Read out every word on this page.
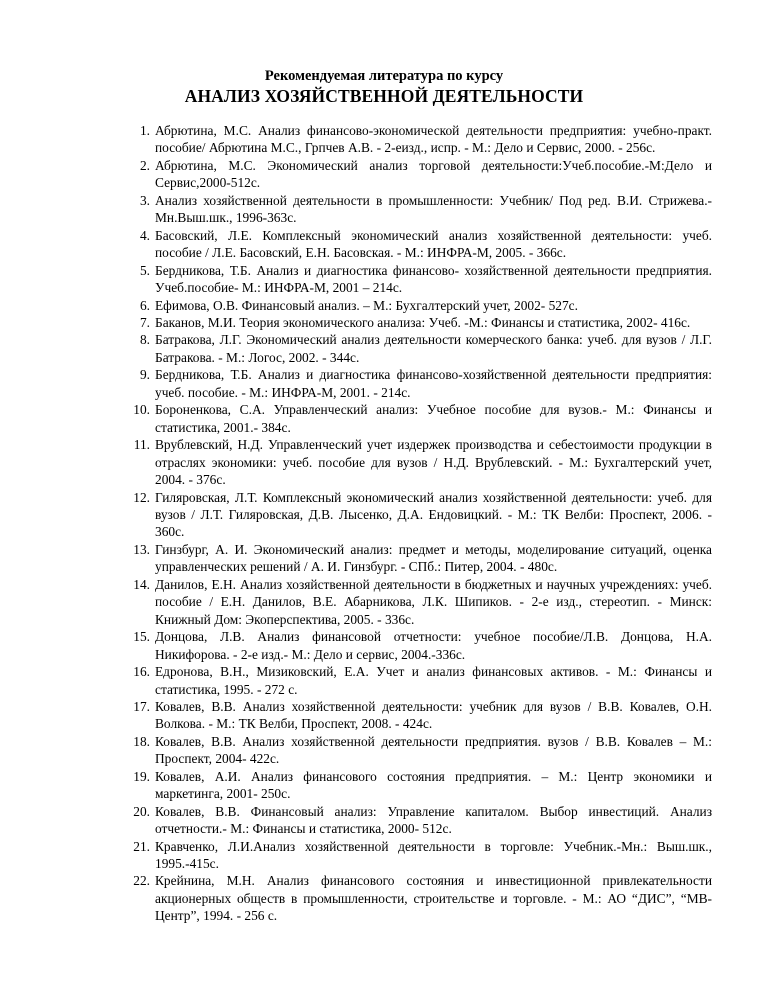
Рекомендуемая литература по курсу
АНАЛИЗ ХОЗЯЙСТВЕННОЙ ДЕЯТЕЛЬНОСТИ
1. Абрютина, М.С. Анализ финансово-экономической деятельности предприятия: учебно-практ. пособие/ Абрютина М.С., Грпчев А.В. - 2-еизд., испр. - М.: Дело и Сервис, 2000. - 256с.
2. Абрютина, М.С. Экономический анализ торговой деятельности:Учеб.пособие.-М:Дело и Сервис,2000-512с.
3. Анализ хозяйственной деятельности в промышленности: Учебник/ Под ред. В.И. Стрижева.- Мн.Выш.шк., 1996-363с.
4. Басовский, Л.Е. Комплексный экономический анализ хозяйственной деятельности: учеб. пособие / Л.Е. Басовский, Е.Н. Басовская. - М.: ИНФРА-М, 2005. - 366с.
5. Бердникова, Т.Б. Анализ и диагностика финансово- хозяйственной деятельности предприятия. Учеб.пособие- М.: ИНФРА-М, 2001 – 214с.
6. Ефимова, О.В. Финансовый анализ. – М.: Бухгалтерский учет, 2002- 527с.
7. Баканов, М.И. Теория экономического анализа: Учеб. -М.: Финансы и статистика, 2002- 416с.
8. Батракова, Л.Г. Экономический анализ деятельности комерческого банка: учеб. для вузов / Л.Г. Батракова. - М.: Логос, 2002. - 344с.
9. Бердникова, Т.Б. Анализ и диагностика финансово-хозяйственной деятельности предприятия: учеб. пособие. - М.: ИНФРА-М, 2001. - 214с.
10. Бороненкова, С.А. Управленческий анализ: Учебное пособие для вузов.- М.: Финансы и статистика, 2001.- 384с.
11. Врублевский, Н.Д. Управленческий учет издержек производства и себестоимости продукции в отраслях экономики: учеб. пособие для вузов / Н.Д. Врублевский. - М.: Бухгалтерский учет, 2004. - 376с.
12. Гиляровская, Л.Т. Комплексный экономический анализ хозяйственной деятельности: учеб. для вузов / Л.Т. Гиляровская, Д.В. Лысенко, Д.А. Ендовицкий. - М.: ТК Велби: Проспект, 2006. - 360с.
13. Гинзбург, А. И. Экономический анализ: предмет и методы, моделирование ситуаций, оценка управленческих решений / А. И. Гинзбург. - СПб.: Питер, 2004. - 480с.
14. Данилов, Е.Н. Анализ хозяйственной деятельности в бюджетных и научных учреждениях: учеб. пособие / Е.Н. Данилов, В.Е. Абарникова, Л.К. Шипиков. - 2-е изд., стереотип. - Минск: Книжный Дом: Экоперспектива, 2005. - 336с.
15. Донцова, Л.В. Анализ финансовой отчетности: учебное пособие/Л.В. Донцова, Н.А. Никифорова. - 2-е изд.- М.: Дело и сервис, 2004.-336с.
16. Едронова, В.Н., Мизиковский, Е.А. Учет и анализ финансовых активов. - М.: Финансы и статистика, 1995. - 272 с.
17. Ковалев, В.В. Анализ хозяйственной деятельности: учебник для вузов / В.В. Ковалев, О.Н. Волкова. - М.: ТК Велби, Проспект, 2008. - 424с.
18. Ковалев, В.В. Анализ хозяйственной деятельности предприятия. вузов / В.В. Ковалев – М.: Проспект, 2004- 422с.
19. Ковалев, А.И. Анализ финансового состояния предприятия. – М.: Центр экономики и маркетинга, 2001- 250с.
20. Ковалев, В.В. Финансовый анализ: Управление капиталом. Выбор инвестиций. Анализ отчетности.- М.: Финансы и статистика, 2000- 512с.
21. Кравченко, Л.И.Анализ хозяйственной деятельности в торговле: Учебник.-Мн.: Выш.шк., 1995.-415с.
22. Крейнина, М.Н. Анализ финансового состояния и инвестиционной привлекательности акционерных обществ в промышленности, строительстве и торговле. - М.: АО “ДИС”, “МВ-Центр”, 1994. - 256 с.
